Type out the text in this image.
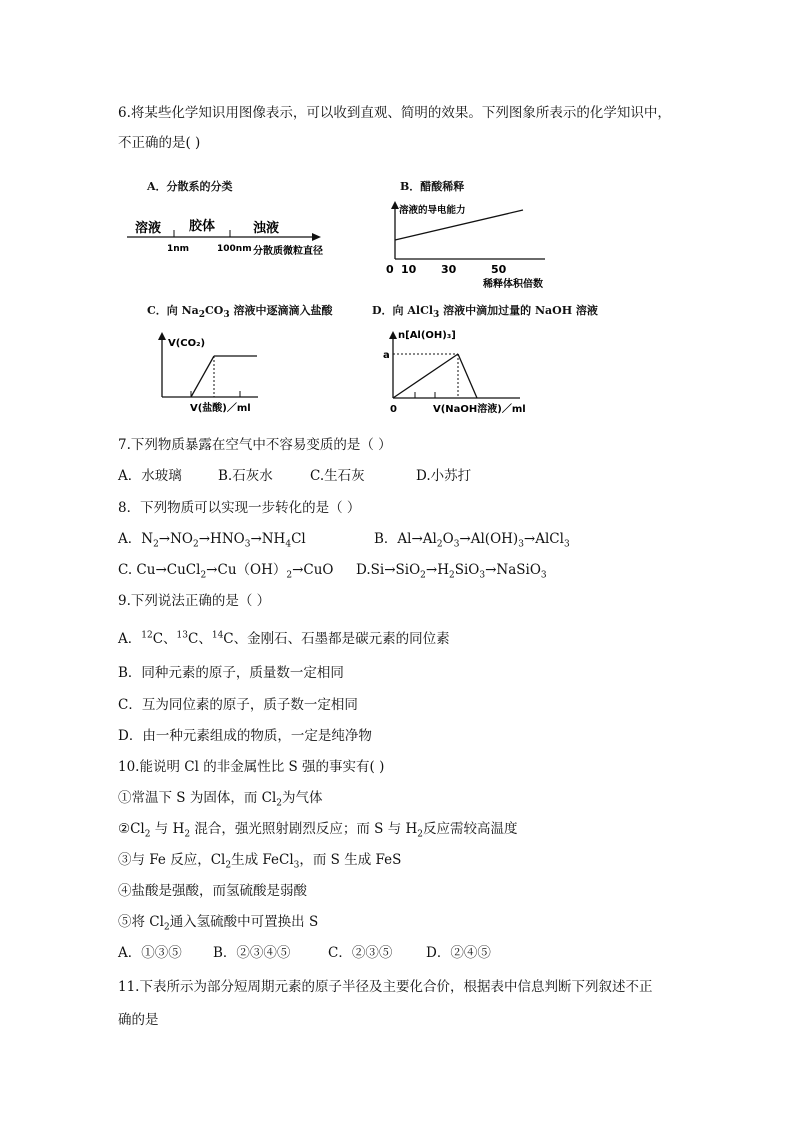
6.将某些化学知识用图像表示，可以收到直观、简明的效果。下列图象所表示的化学知识中，
不正确的是( )
A．分散系的分类
溶液 胶体	浊液
1nm	100nm 分散质微粒直径
B．醋酸稀释
溶液的导电能力
0 10 30	50
稀释体积倍数
C．向 $Na_2CO_3$ 溶液中逐滴滴入盐酸
V(CO₂)
V(盐酸)／ml
D．向 AlCl$_3$ 溶液中滴加过量的 NaOH 溶液
n[Al(OH)₃]
a
0	V(NaOH溶液)／ml
7.下列物质暴露在空气中不容易变质的是（ ）
A．水玻璃	B.石灰水	C.生石灰	D.小苏打
8．下列物质可以实现一步转化的是（ ）
A．$N_2\to NO_2\to HNO_3\to NH_4Cl$	B．$Al\to Al_2O_3\to Al(OH)_3\to AlCl_3$
C. $Cu\to CuCl_2\to Cu(OH)_2\to CuO$ $D.Si\to SiO_2\to H_2SiO_3\to NaSiO_3$
9.下列说法正确的是（ ）
A．$^{12}$C、$^{13}$C、$^{14}$C、金刚石、石墨都是碳元素的同位素
B．同种元素的原子，质量数一定相同
C．互为同位素的原子，质子数一定相同
D．由一种元素组成的物质，一定是纯净物
10.能说明 Cl 的非金属性比 S 强的事实有( )
①常温下 S 为固体，而 $Cl_2$为气体
$②Cl_2$ 与 $H_2$ 混合，强光照射剧烈反应；而 S 与 $H_2$反应需较高温度
③与 Fe 反应，$Cl_2$生成 FeCl$_3$，而 S 生成 FeS
④盐酸是强酸，而氢硫酸是弱酸
⑤将 $Cl_2$通入氢硫酸中可置换出 S
A．①③⑤ B．②③④⑤	C．②③⑤ D．②④⑤
11.下表所示为部分短周期元素的原子半径及主要化合价，根据表中信息判断下列叙述不正
确的是
